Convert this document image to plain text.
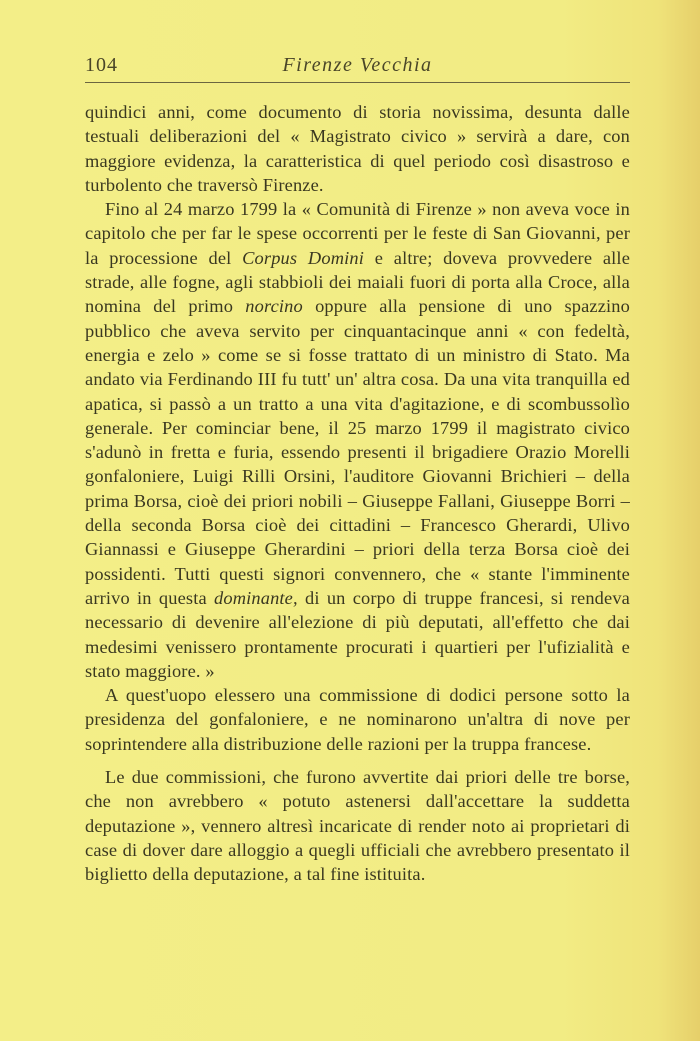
104	Firenze Vecchia

quindici anni, come documento di storia novissima, desunta dalle testuali deliberazioni del « Magistrato civico » servirà a dare, con maggiore evidenza, la caratteristica di quel periodo così disastroso e turbolento che traversò Firenze.

Fino al 24 marzo 1799 la « Comunità di Firenze » non aveva voce in capitolo che per far le spese occorrenti per le feste di San Giovanni, per la processione del Corpus Domini e altre; doveva provvedere alle strade, alle fogne, agli stabbioli dei maiali fuori di porta alla Croce, alla nomina del primo norcino oppure alla pensione di uno spazzino pubblico che aveva servito per cinquantacinque anni « con fedeltà, energia e zelo » come se si fosse trattato di un ministro di Stato. Ma andato via Ferdinando III fu tutt' un' altra cosa. Da una vita tranquilla ed apatica, si passò a un tratto a una vita d'agitazione, e di scombussolìo generale. Per cominciar bene, il 25 marzo 1799 il magistrato civico s'adunò in fretta e furia, essendo presenti il brigadiere Orazio Morelli gonfaloniere, Luigi Rilli Orsini, l'auditore Giovanni Brichieri – della prima Borsa, cioè dei priori nobili – Giuseppe Fallani, Giuseppe Borri – della seconda Borsa cioè dei cittadini – Francesco Gherardi, Ulivo Giannassi e Giuseppe Gherardini – priori della terza Borsa cioè dei possidenti. Tutti questi signori convennero, che « stante l'imminente arrivo in questa dominante, di un corpo di truppe francesi, si rendeva necessario di devenire all'elezione di più deputati, all'effetto che dai medesimi venissero prontamente procurati i quartieri per l'ufizialità e stato maggiore. »

A quest'uopo elessero una commissione di dodici persone sotto la presidenza del gonfaloniere, e ne nominarono un'altra di nove per soprintendere alla distribuzione delle razioni per la truppa francese.

Le due commissioni, che furono avvertite dai priori delle tre borse, che non avrebbero « potuto astenersi dall'accettare la suddetta deputazione », vennero altresì incaricate di render noto ai proprietari di case di dover dare alloggio a quegli ufficiali che avrebbero presentato il biglietto della deputazione, a tal fine istituita.
